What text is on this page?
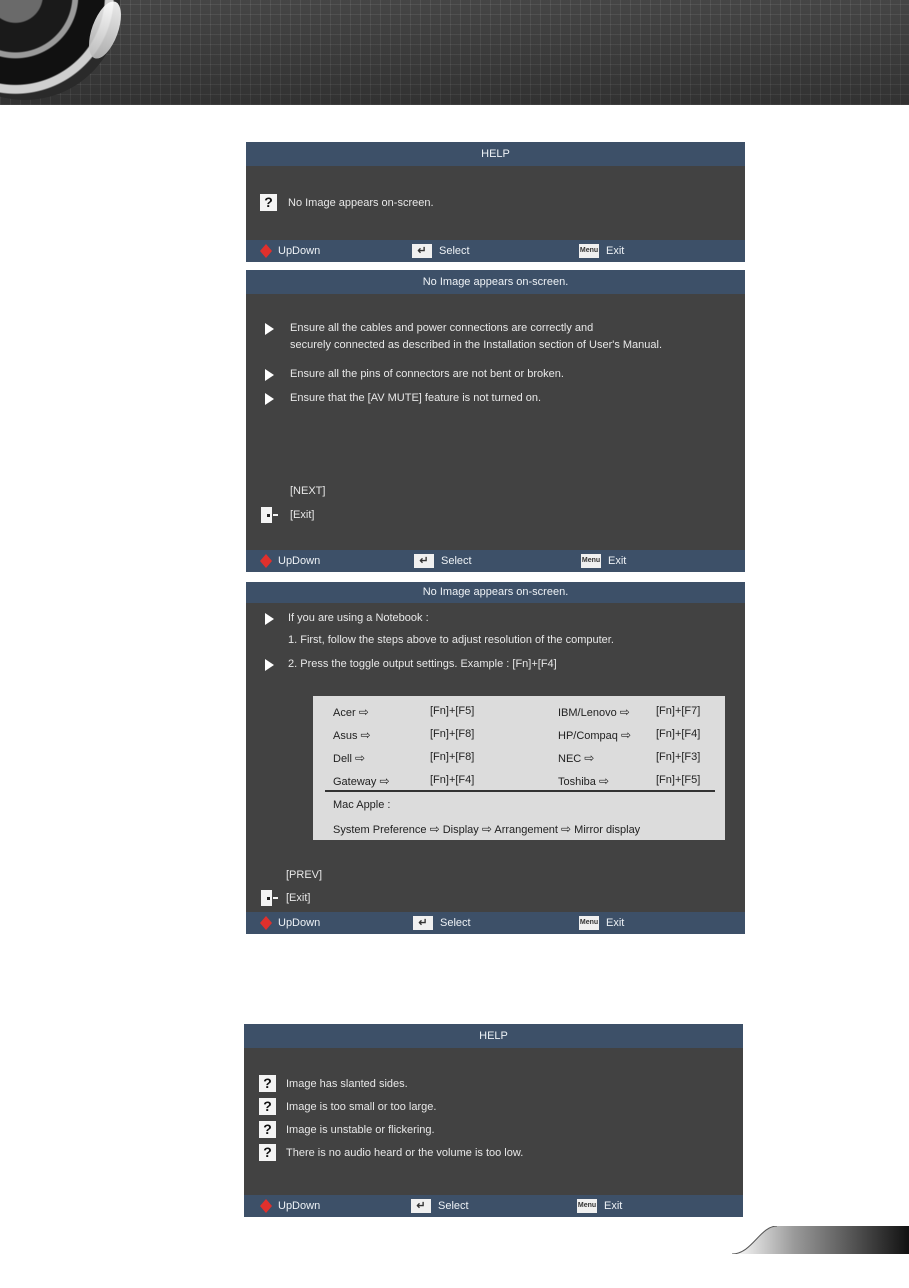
HELP
?	No Image appears on-screen.
UpDown	↵ Select	Menu Exit
No Image appears on-screen.
Ensure all the cables and power connections are correctly and
securely connected as described in the Installation section of User's Manual.
Ensure all the pins of connectors are not bent or broken.
Ensure that the [AV MUTE] feature is not turned on.
[NEXT]
[Exit]
UpDown	↵ Select	Menu Exit
No Image appears on-screen.
If you are using a Notebook :
1. First, follow the steps above to adjust resolution of the computer.
2. Press the toggle output settings. Example : [Fn]+[F4]
Acer ⇨	[Fn]+[F5]	IBM/Lenovo ⇨ [Fn]+[F7]
Asus ⇨	[Fn]+[F8]	HP/Compaq ⇨ [Fn]+[F4]
Dell ⇨	[Fn]+[F8]	NEC ⇨	[Fn]+[F3]
Gateway ⇨	[Fn]+[F4]	Toshiba ⇨	[Fn]+[F5]
Mac Apple :
System Preference ⇨ Display ⇨ Arrangement ⇨ Mirror display
[PREV]
[Exit]
UpDown	↵ Select	Menu Exit
HELP
?	Image has slanted sides.
?	Image is too small or too large.
?	Image is unstable or flickering.
?	There is no audio heard or the volume is too low.
UpDown	↵ Select	Menu Exit
